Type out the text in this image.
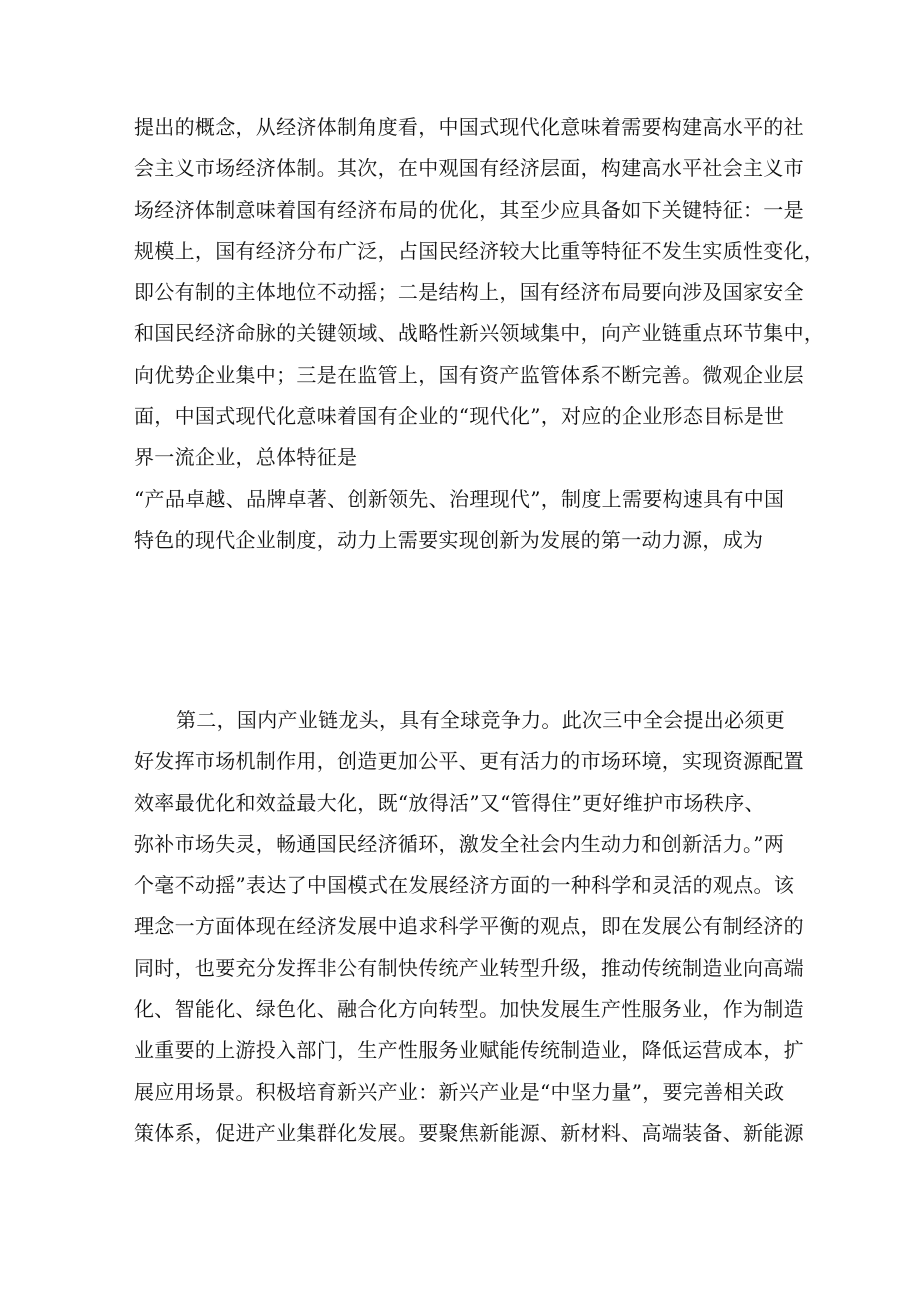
提出的概念，从经济体制角度看，中国式现代化意味着需要构建高水平的社
会主义市场经济体制。其次，在中观国有经济层面，构建高水平社会主义市
场经济体制意味着国有经济布局的优化，其至少应具备如下关键特征：一是
规模上，国有经济分布广泛，占国民经济较大比重等特征不发生实质性变化，
即公有制的主体地位不动摇；二是结构上，国有经济布局要向涉及国家安全
和国民经济命脉的关键领域、战略性新兴领域集中，向产业链重点环节集中，
向优势企业集中；三是在监管上，国有资产监管体系不断完善。微观企业层
面，中国式现代化意味着国有企业的“现代化”，对应的企业形态目标是世
界一流企业，总体特征是
“产品卓越、品牌卓著、创新领先、治理现代”，制度上需要构速具有中国
特色的现代企业制度，动力上需要实现创新为发展的第一动力源，成为
第二，国内产业链龙头，具有全球竞争力。此次三中全会提出必须更
好发挥市场机制作用，创造更加公平、更有活力的市场环境，实现资源配置
效率最优化和效益最大化，既“放得活”又“管得住”更好维护市场秩序、
弥补市场失灵，畅通国民经济循环，激发全社会内生动力和创新活力。”两
个毫不动摇”表达了中国模式在发展经济方面的一种科学和灵活的观点。该
理念一方面体现在经济发展中追求科学平衡的观点，即在发展公有制经济的
同时，也要充分发挥非公有制快传统产业转型升级，推动传统制造业向高端
化、智能化、绿色化、融合化方向转型。加快发展生产性服务业，作为制造
业重要的上游投入部门，生产性服务业赋能传统制造业，降低运营成本，扩
展应用场景。积极培育新兴产业：新兴产业是“中坚力量”，要完善相关政
策体系，促进产业集群化发展。要聚焦新能源、新材料、高端装备、新能源
